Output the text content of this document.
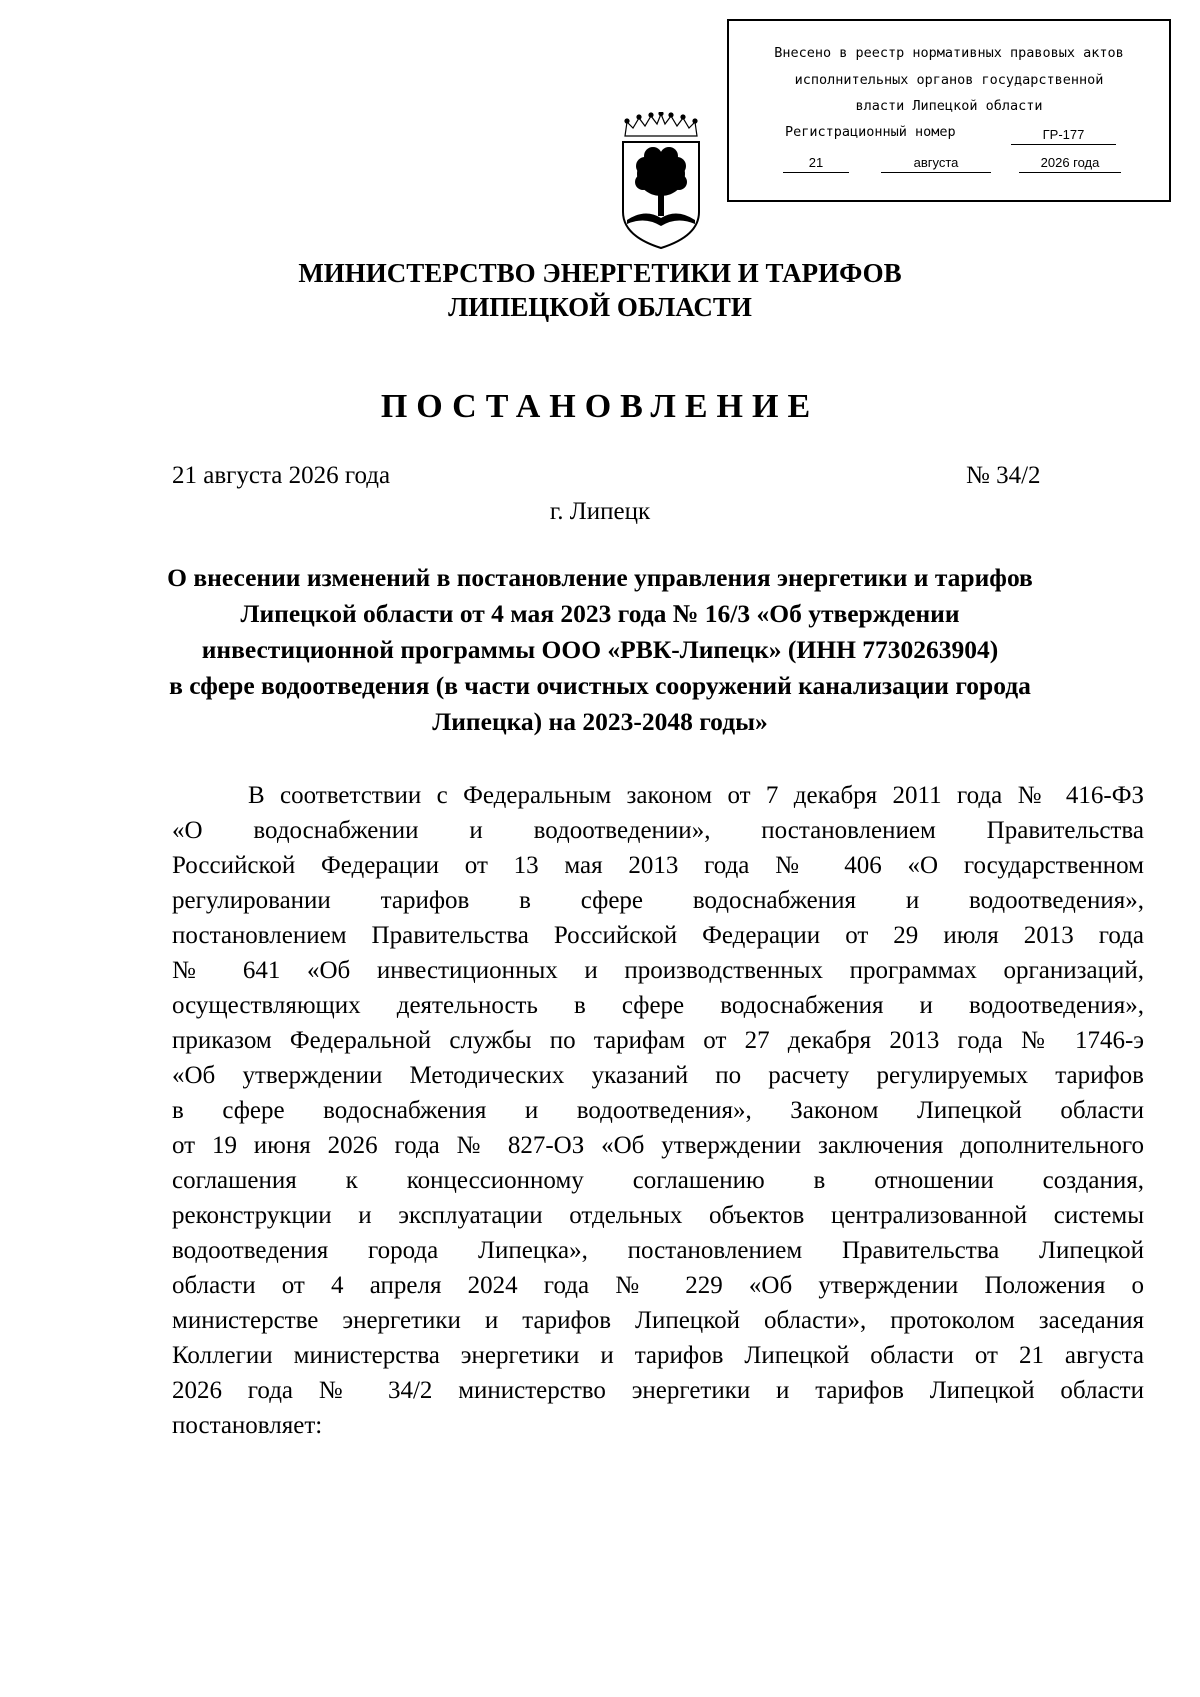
Внесено в реестр нормативных правовых актов
исполнительных органов государственной
власти Липецкой области
Регистрационный номер	ГР-177
21	августа	2026 года
МИНИСТЕРСТВО ЭНЕРГЕТИКИ И ТАРИФОВ
ЛИПЕЦКОЙ ОБЛАСТИ
ПОСТАНОВЛЕНИЕ
21 августа 2026 года	№ 34/2
г. Липецк
О внесении изменений в постановление управления энергетики и тарифов
Липецкой области от 4 мая 2023 года № 16/3 «Об утверждении
инвестиционной программы ООО «РВК-Липецк» (ИНН 7730263904)
в сфере водоотведения (в части очистных сооружений канализации города
Липецка) на 2023-2048 годы»
В соответствии с Федеральным законом от 7 декабря 2011 года № 416-ФЗ
«О водоснабжении и водоотведении», постановлением Правительства
Российской Федерации от 13 мая 2013 года № 406 «О государственном
регулировании тарифов в сфере водоснабжения и водоотведения»,
постановлением Правительства Российской Федерации от 29 июля 2013 года
№ 641 «Об инвестиционных и производственных программах организаций,
осуществляющих деятельность в сфере водоснабжения и водоотведения»,
приказом Федеральной службы по тарифам от 27 декабря 2013 года № 1746-э
«Об утверждении Методических указаний по расчету регулируемых тарифов
в сфере водоснабжения и водоотведения», Законом Липецкой области
от 19 июня 2026 года № 827-ОЗ «Об утверждении заключения дополнительного
соглашения к концессионному соглашению в отношении создания,
реконструкции и эксплуатации отдельных объектов централизованной системы
водоотведения города Липецка», постановлением Правительства Липецкой
области от 4 апреля 2024 года № 229 «Об утверждении Положения о
министерстве энергетики и тарифов Липецкой области», протоколом заседания
Коллегии министерства энергетики и тарифов Липецкой области от 21 августа
2026 года № 34/2 министерство энергетики и тарифов Липецкой области
постановляет:
